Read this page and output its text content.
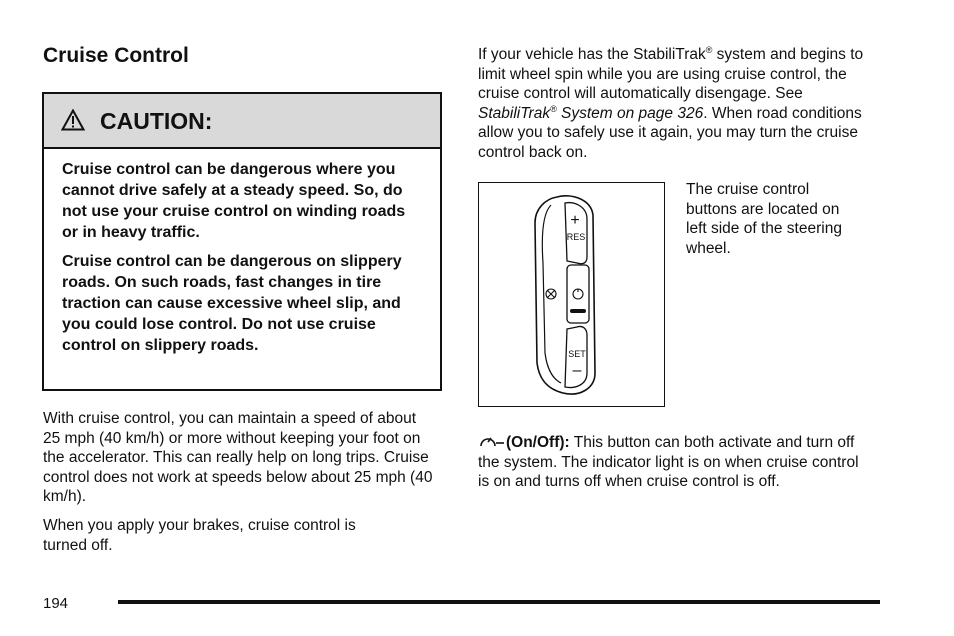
Cruise Control
CAUTION:

Cruise control can be dangerous where you cannot drive safely at a steady speed. So, do not use your cruise control on winding roads or in heavy traffic.

Cruise control can be dangerous on slippery roads. On such roads, fast changes in tire traction can cause excessive wheel slip, and you could lose control. Do not use cruise control on slippery roads.

With cruise control, you can maintain a speed of about 25 mph (40 km/h) or more without keeping your foot on the accelerator. This can really help on long trips. Cruise control does not work at speeds below about 25 mph (40 km/h).

When you apply your brakes, cruise control is turned off.

If your vehicle has the StabiliTrak® system and begins to limit wheel spin while you are using cruise control, the cruise control will automatically disengage. See StabiliTrak® System on page 326. When road conditions allow you to safely use it again, you may turn the cruise control back on.

+
RES
SET
–

The cruise control buttons are located on left side of the steering wheel.

(On/Off): This button can both activate and turn off the system. The indicator light is on when cruise control is on and turns off when cruise control is off.

194
